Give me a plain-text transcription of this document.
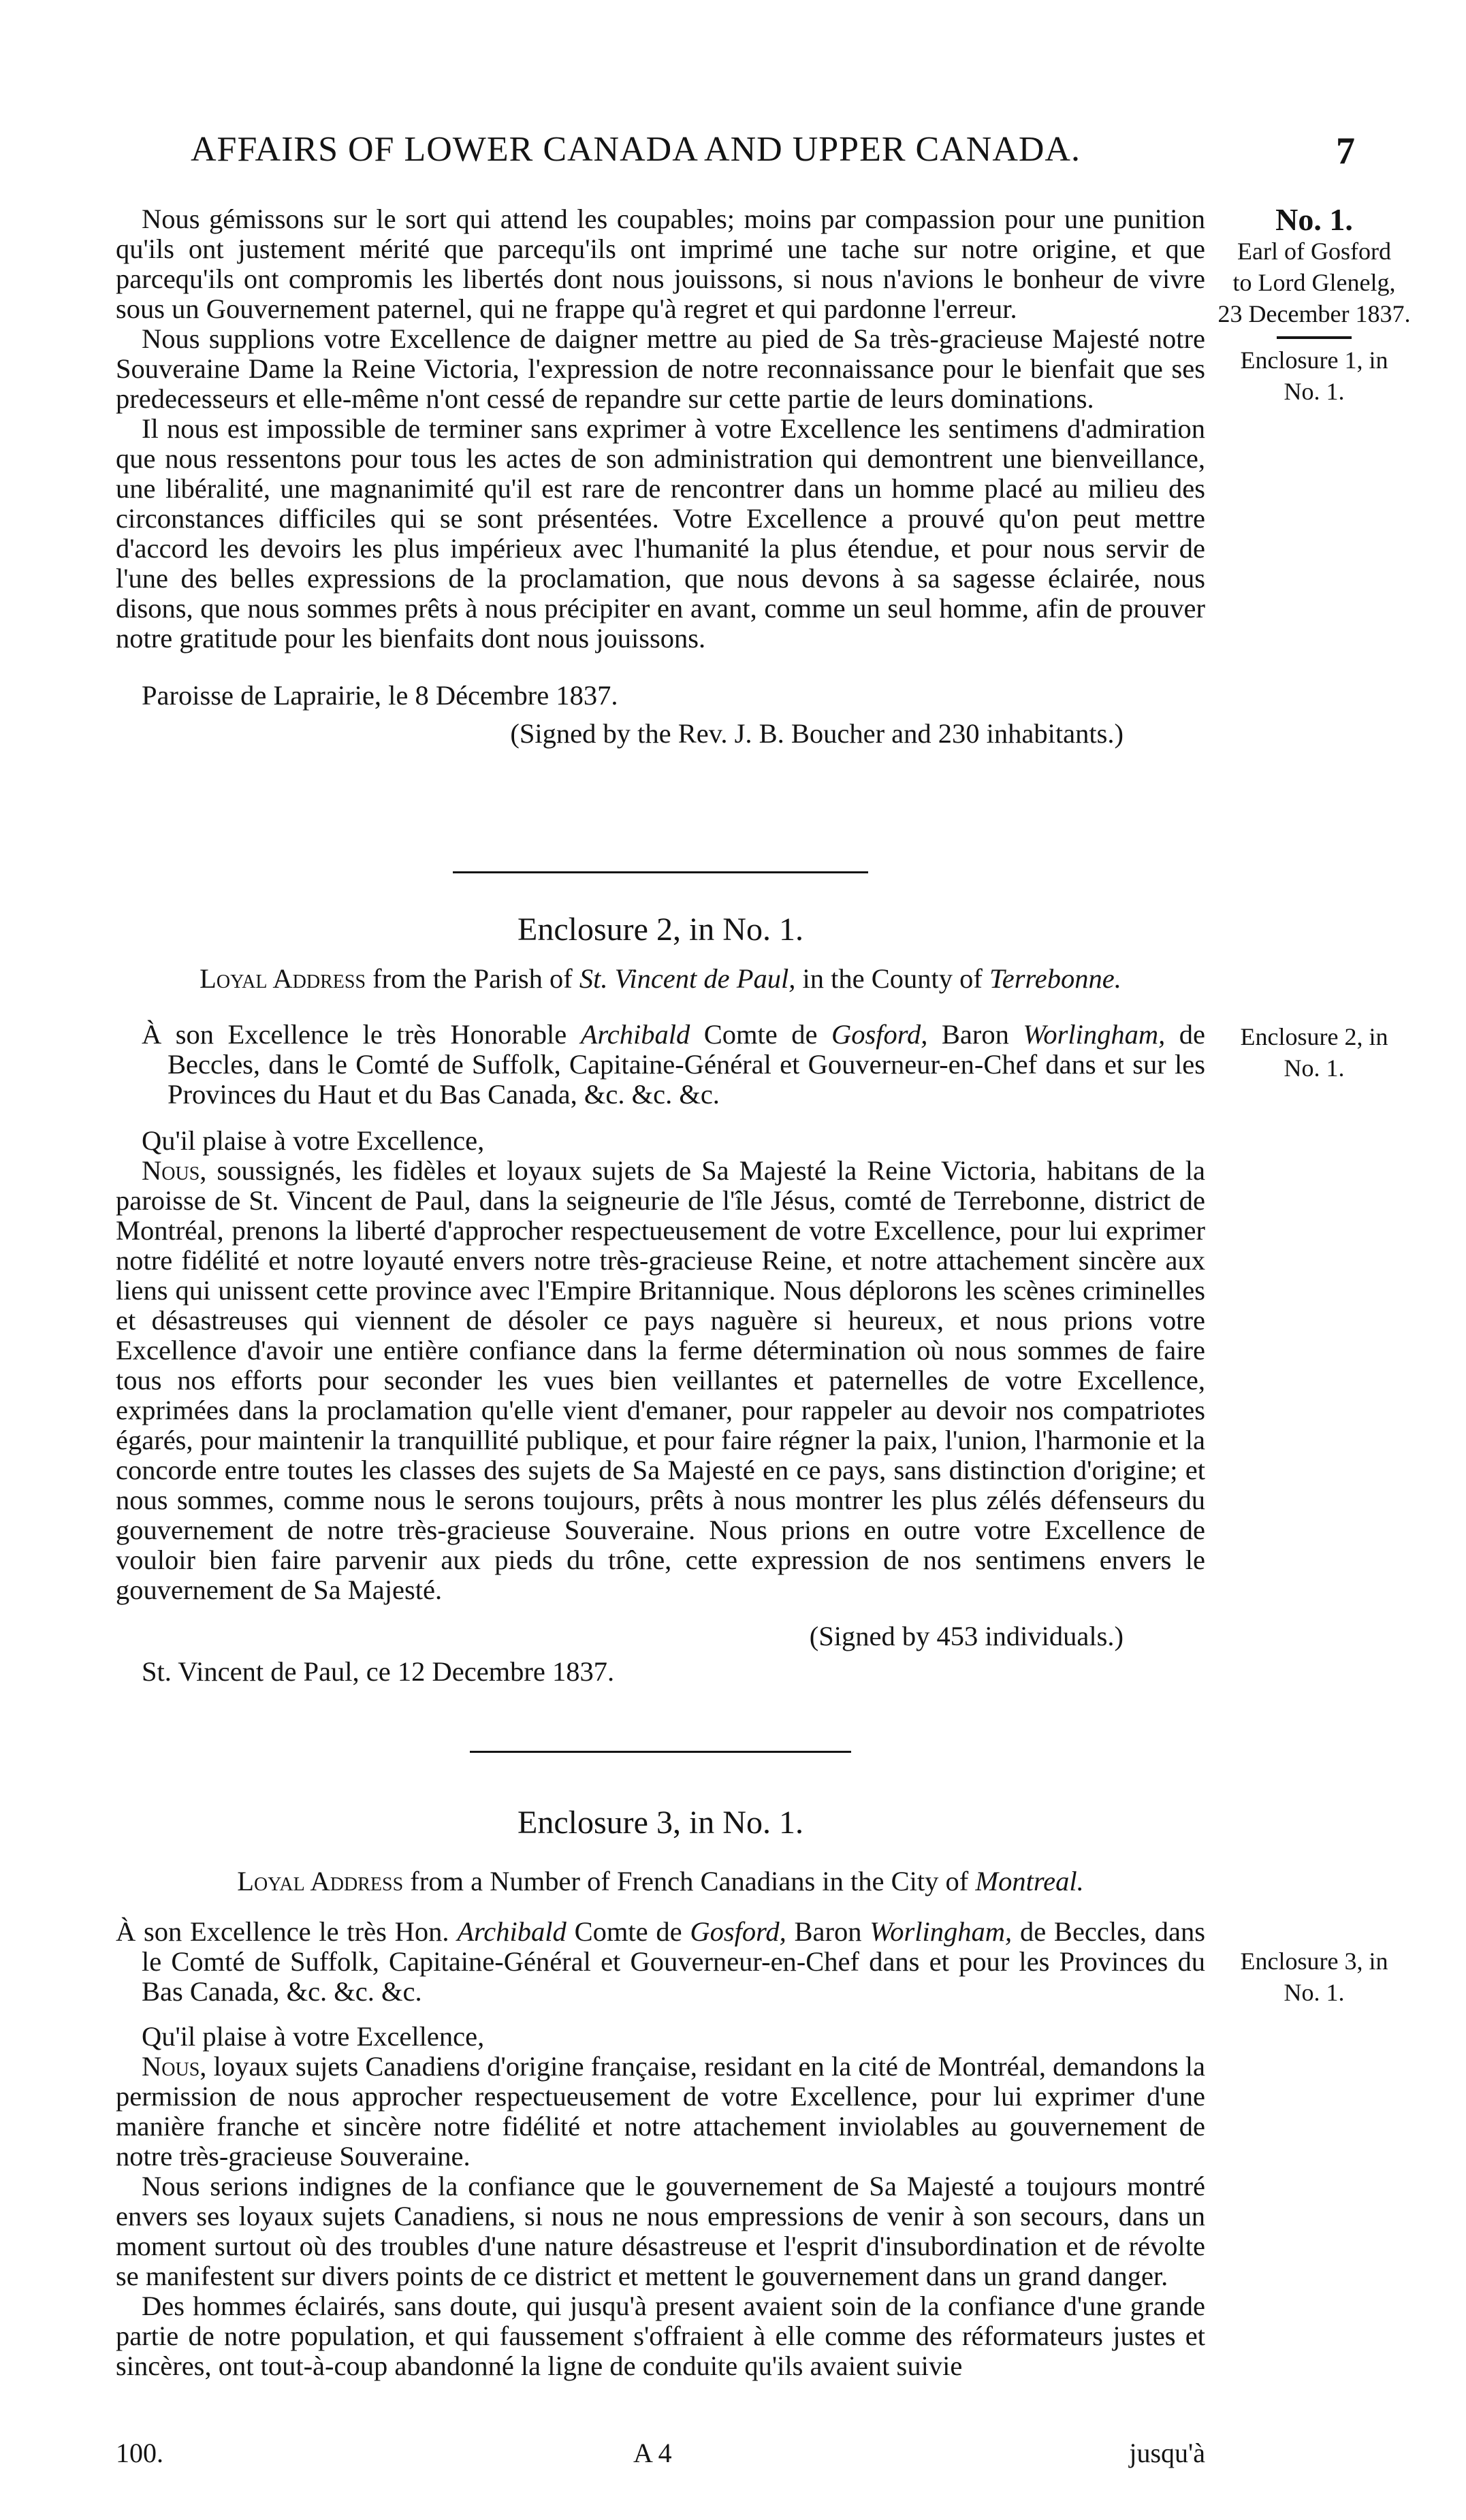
AFFAIRS OF LOWER CANADA AND UPPER CANADA.	7
No. 1.
Earl of Gosford
to Lord Glenelg,
23 December 1837.
Enclosure 1, in
No. 1.
Enclosure 2, in
No. 1.
Enclosure 3, in
No. 1.

Nous gémissons sur le sort qui attend les coupables; moins par compassion pour une punition qu'ils ont justement mérité que parcequ'ils ont imprimé une tache sur notre origine, et que parcequ'ils ont compromis les libertés dont nous jouissons, si nous n'avions le bonheur de vivre sous un Gouvernement paternel, qui ne frappe qu'à regret et qui pardonne l'erreur.

Nous supplions votre Excellence de daigner mettre au pied de Sa très-gracieuse Majesté notre Souveraine Dame la Reine Victoria, l'expression de notre reconnaissance pour le bienfait que ses predecesseurs et elle-même n'ont cessé de repandre sur cette partie de leurs dominations.

Il nous est impossible de terminer sans exprimer à votre Excellence les sentimens d'admiration que nous ressentons pour tous les actes de son administration qui demontrent une bienveillance, une libéralité, une magnanimité qu'il est rare de rencontrer dans un homme placé au milieu des circonstances difficiles qui se sont présentées. Votre Excellence a prouvé qu'on peut mettre d'accord les devoirs les plus impérieux avec l'humanité la plus étendue, et pour nous servir de l'une des belles expressions de la proclamation, que nous devons à sa sagesse éclairée, nous disons, que nous sommes prêts à nous précipiter en avant, comme un seul homme, afin de prouver notre gratitude pour les bienfaits dont nous jouissons.

Paroisse de Laprairie, le 8 Décembre 1837.

(Signed by the Rev. J. B. Boucher and 230 inhabitants.)

Enclosure 2, in No. 1.

Loyal Address from the Parish of St. Vincent de Paul, in the County of Terrebonne.

À son Excellence le très Honorable Archibald Comte de Gosford, Baron Worlingham, de Beccles, dans le Comté de Suffolk, Capitaine-Général et Gouverneur-en-Chef dans et sur les Provinces du Haut et du Bas Canada, &c. &c. &c.

Qu'il plaise à votre Excellence,

Nous, soussignés, les fidèles et loyaux sujets de Sa Majesté la Reine Victoria, habitans de la paroisse de St. Vincent de Paul, dans la seigneurie de l'île Jésus, comté de Terrebonne, district de Montréal, prenons la liberté d'approcher respectueusement de votre Excellence, pour lui exprimer notre fidélité et notre loyauté envers notre très-gracieuse Reine, et notre attachement sincère aux liens qui unissent cette province avec l'Empire Britannique. Nous déplorons les scènes criminelles et désastreuses qui viennent de désoler ce pays naguère si heureux, et nous prions votre Excellence d'avoir une entière confiance dans la ferme détermination où nous sommes de faire tous nos efforts pour seconder les vues bien veillantes et paternelles de votre Excellence, exprimées dans la proclamation qu'elle vient d'emaner, pour rappeler au devoir nos compatriotes égarés, pour maintenir la tranquillité publique, et pour faire régner la paix, l'union, l'harmonie et la concorde entre toutes les classes des sujets de Sa Majesté en ce pays, sans distinction d'origine; et nous sommes, comme nous le serons toujours, prêts à nous montrer les plus zélés défenseurs du gouvernement de notre très-gracieuse Souveraine. Nous prions en outre votre Excellence de vouloir bien faire parvenir aux pieds du trône, cette expression de nos sentimens envers le gouvernement de Sa Majesté.

(Signed by 453 individuals.)

St. Vincent de Paul, ce 12 Decembre 1837.

Enclosure 3, in No. 1.

Loyal Address from a Number of French Canadians in the City of Montreal.

À son Excellence le très Hon. Archibald Comte de Gosford, Baron Worlingham, de Beccles, dans le Comté de Suffolk, Capitaine-Général et Gouverneur-en-Chef dans et pour les Provinces du Bas Canada, &c. &c. &c.

Qu'il plaise à votre Excellence,

Nous, loyaux sujets Canadiens d'origine française, residant en la cité de Montréal, demandons la permission de nous approcher respectueusement de votre Excellence, pour lui exprimer d'une manière franche et sincère notre fidélité et notre attachement inviolables au gouvernement de notre très-gracieuse Souveraine.

Nous serions indignes de la confiance que le gouvernement de Sa Majesté a toujours montré envers ses loyaux sujets Canadiens, si nous ne nous empressions de venir à son secours, dans un moment surtout où des troubles d'une nature désastreuse et l'esprit d'insubordination et de révolte se manifestent sur divers points de ce district et mettent le gouvernement dans un grand danger.

Des hommes éclairés, sans doute, qui jusqu'à present avaient soin de la confiance d'une grande partie de notre population, et qui faussement s'offraient à elle comme des réformateurs justes et sincères, ont tout-à-coup abandonné la ligne de conduite qu'ils avaient suivie

100.	A 4	jusqu'à
